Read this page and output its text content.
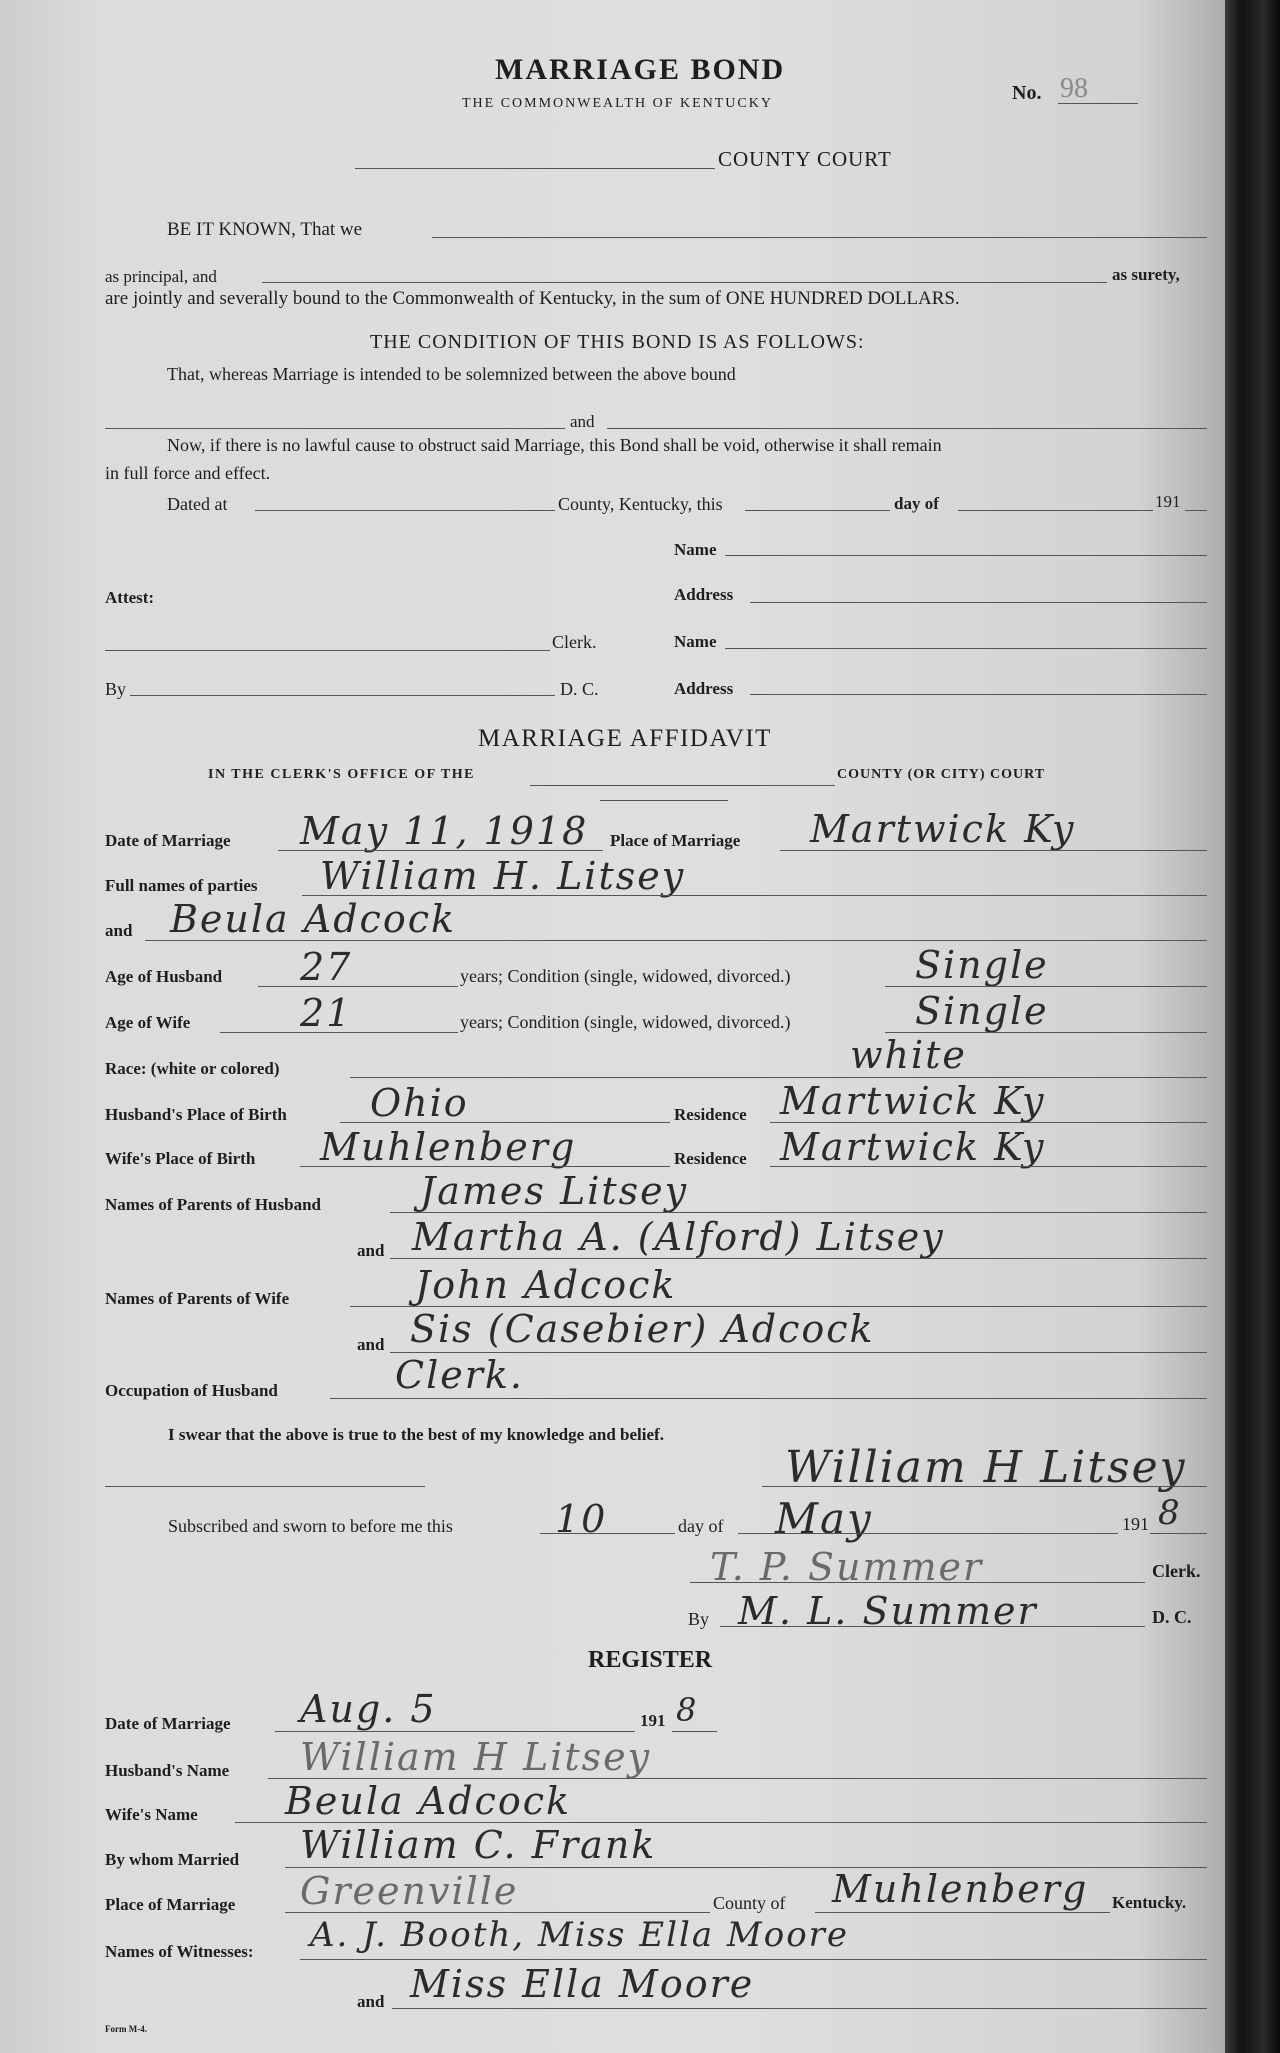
MARRIAGE BOND
THE COMMONWEALTH OF KENTUCKY	No. 98
COUNTY COURT
BE IT KNOWN, That we
as principal, and	as surety,
are jointly and severally bound to the Commonwealth of Kentucky, in the sum of ONE HUNDRED DOLLARS.
THE CONDITION OF THIS BOND IS AS FOLLOWS:
That, whereas Marriage is intended to be solemnized between the above bound
and
Now, if there is no lawful cause to obstruct said Marriage, this Bond shall be void, otherwise it shall remain
in full force and effect.
Dated at	County, Kentucky, this	day of	191
Name
Attest:	Address
Clerk.	Name
By	D. C.	Address
MARRIAGE AFFIDAVIT
IN THE CLERK'S OFFICE OF THE	COUNTY (OR CITY) COURT
Date of Marriage May 11, 1918 Place of Marriage Martwick Ky
Full names of parties William H. Litsey
and Beula Adcock
Age of Husband 27	years; Condition (single, widowed, divorced.)	Single
Age of Wife	21	years; Condition (single, widowed, divorced.)	Single
Race: (white or colored)	white
Husband's Place of Birth Ohio	Residence Martwick Ky
Wife's Place of Birth Muhlenberg	Residence Martwick Ky
Names of Parents of Husband	James Litsey
and Martha A. (Alford) Litsey
Names of Parents of Wife	John Adcock
and Sis (Casebier) Adcock
Occupation of Husband	Clerk.
I swear that the above is true to the best of my knowledge and belief.
William H Litsey
Subscribed and sworn to before me this	10	day of May	191 8
T. P. Summer	Clerk.
By M. L. Summer	D. C.
REGISTER
Date of Marriage Aug. 5	191 8
Husband's Name William H Litsey
Wife's Name Beula Adcock
By whom Married William C. Frank
Place of Marriage Greenville	County of Muhlenberg Kentucky.
Names of Witnesses: A. J. Booth, Miss Ella Moore
and Miss Ella Moore
Form M-4.
